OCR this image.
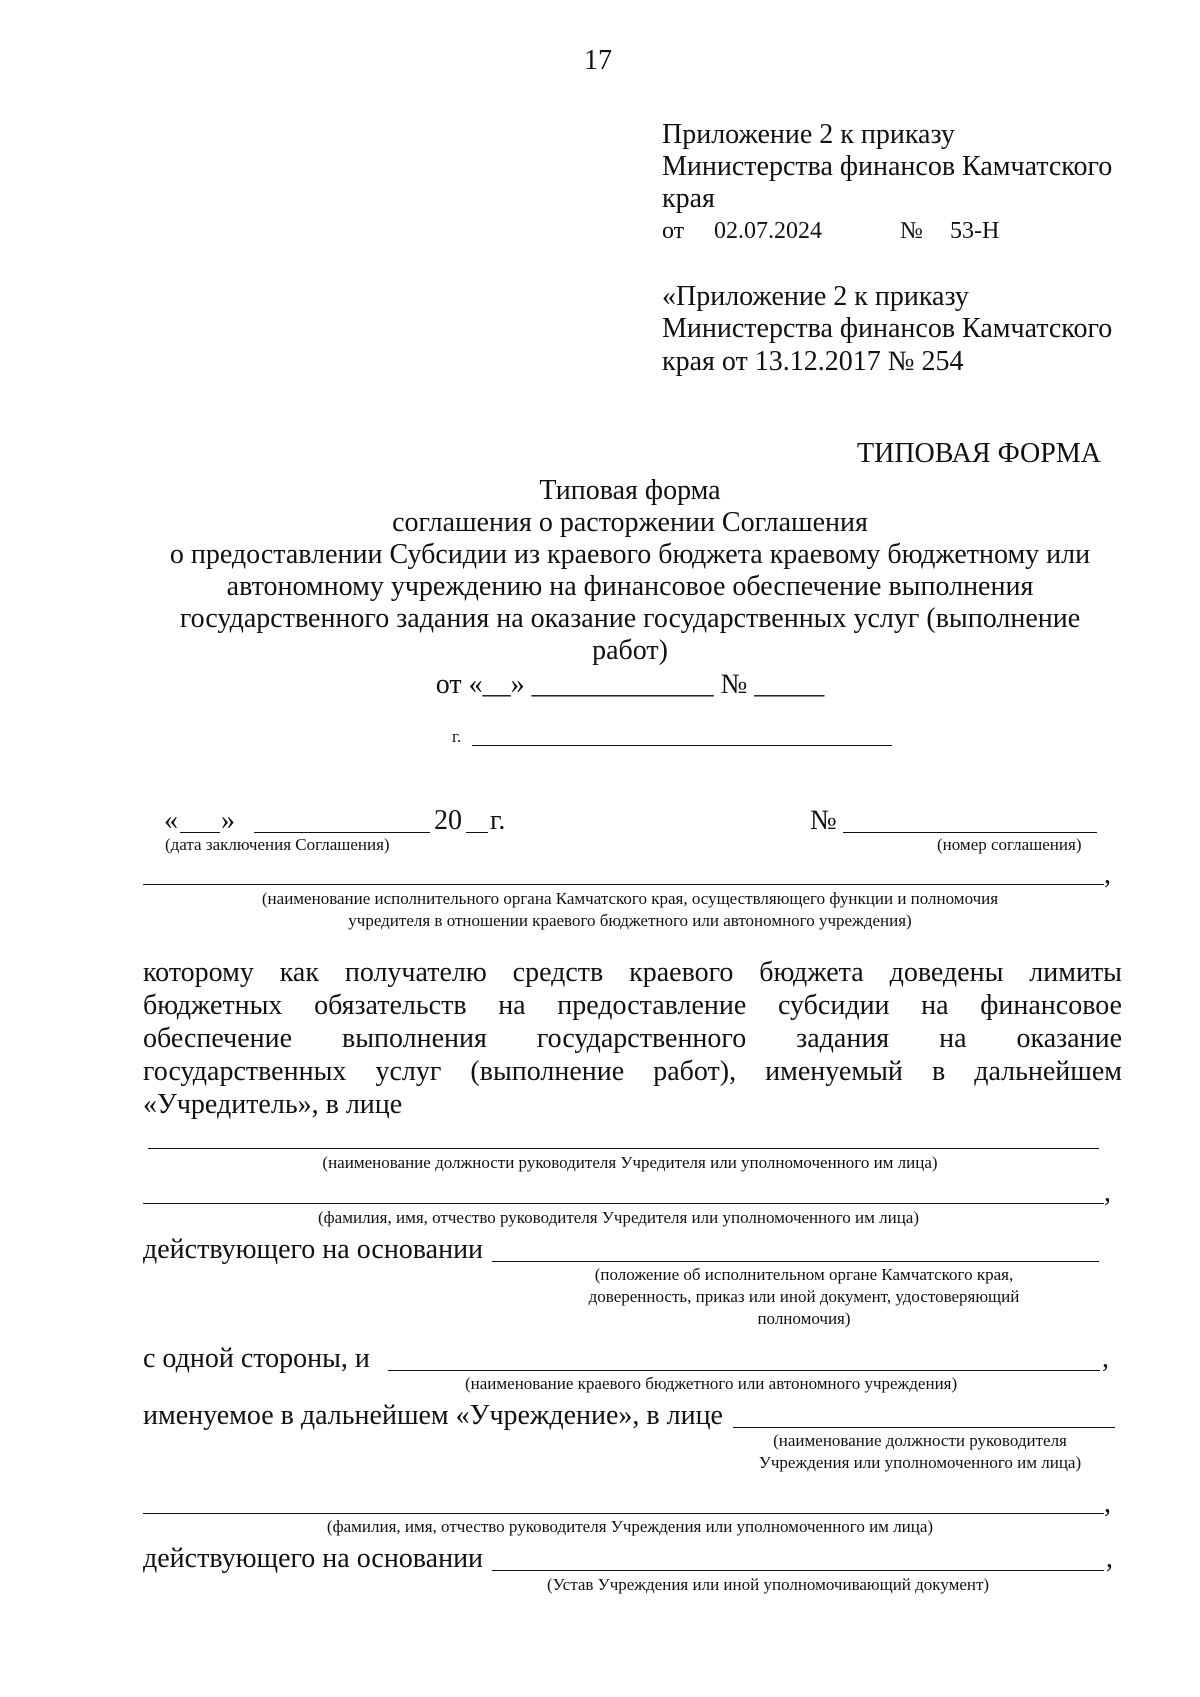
17
Приложение 2 к приказу
Министерства финансов Камчатского
края
от 02.07.2024	№ 53-Н
«Приложение 2 к приказу
Министерства финансов Камчатского
края от 13.12.2017 № 254
ТИПОВАЯ ФОРМА
Типовая форма
соглашения о расторжении Соглашения
о предоставлении Субсидии из краевого бюджета краевому бюджетному или
автономному учреждению на финансовое обеспечение выполнения
государственного задания на оказание государственных услуг (выполнение
работ)
от «__» _____________ № _____
г.
« »	20 г.	№
(дата заключения Соглашения)	(номер соглашения)
,
(наименование исполнительного органа Камчатского края, осуществляющего функции и полномочия
учредителя в отношении краевого бюджетного или автономного учреждения)
которому как получателю средств краевого бюджета доведены лимиты
бюджетных обязательств на предоставление субсидии на финансовое
обеспечение выполнения государственного задания на оказание
государственных услуг (выполнение работ), именуемый в дальнейшем
«Учредитель», в лице
(наименование должности руководителя Учредителя или уполномоченного им лица)
,
(фамилия, имя, отчество руководителя Учредителя или уполномоченного им лица)
действующего на основании
(положение об исполнительном органе Камчатского края,
доверенность, приказ или иной документ, удостоверяющий
полномочия)
с одной стороны, и	,
(наименование краевого бюджетного или автономного учреждения)
именуемое в дальнейшем «Учреждение», в лице
(наименование должности руководителя
Учреждения или уполномоченного им лица)
,
(фамилия, имя, отчество руководителя Учреждения или уполномоченного им лица)
действующего на основании	,
(Устав Учреждения или иной уполномочивающий документ)
